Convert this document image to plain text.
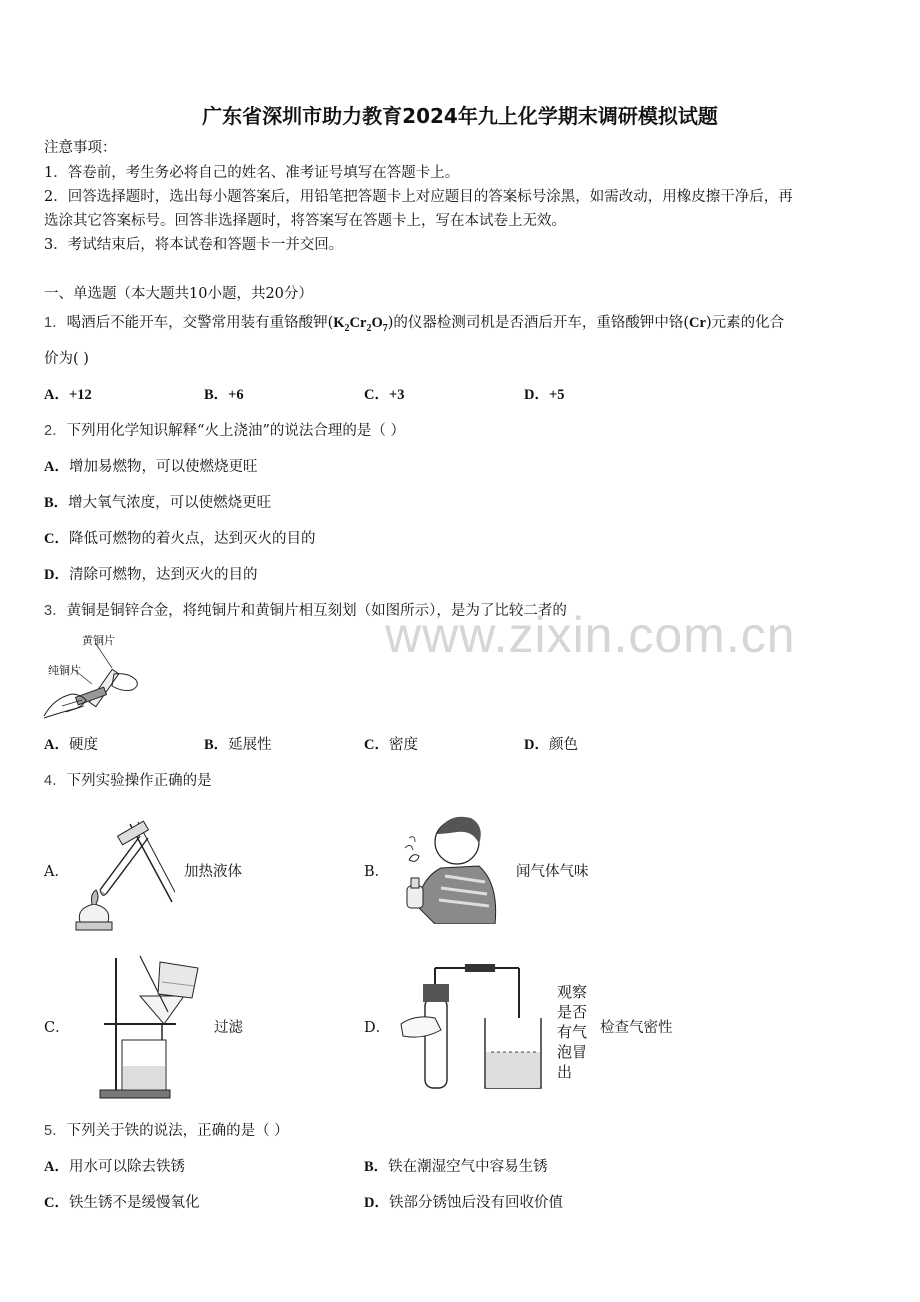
广东省深圳市助力教育2024年九上化学期末调研模拟试题
注意事项：
1．答卷前，考生务必将自己的姓名、准考证号填写在答题卡上。
2．回答选择题时，选出每小题答案后，用铅笔把答题卡上对应题目的答案标号涂黑，如需改动，用橡皮擦干净后，再
选涂其它答案标号。回答非选择题时，将答案写在答题卡上，写在本试卷上无效。
3．考试结束后，将本试卷和答题卡一并交回。
一、单选题（本大题共10小题，共20分）
1．喝酒后不能开车，交警常用装有重铬酸钾$(K_2Cr_2O_7)$的仪器检测司机是否酒后开车，重铬酸钾中铬(Cr)元素的化合
价为( )
A．+12	B．+6	C．+3	D．+5
2．下列用化学知识解释“火上浇油”的说法合理的是（ ）
A．增加易燃物，可以使燃烧更旺
B．增大氧气浓度，可以使燃烧更旺
C．降低可燃物的着火点，达到灭火的目的
D．清除可燃物，达到灭火的目的
3．黄铜是铜锌合金，将纯铜片和黄铜片相互刻划（如图所示），是为了比较二者的
www.zixin.com.cn
黄铜片
纯铜片
A．硬度	B．延展性	C．密度	D．颜色
4．下列实验操作正确的是
A．	加热液体	B．	闻气体气味
C．	过滤	D．
观察
是否
有气
泡冒
出
检查气密性
5．下列关于铁的说法，正确的是（ ）
A．用水可以除去铁锈	B．铁在潮湿空气中容易生锈
C．铁生锈不是缓慢氧化	D．铁部分锈蚀后没有回收价值
